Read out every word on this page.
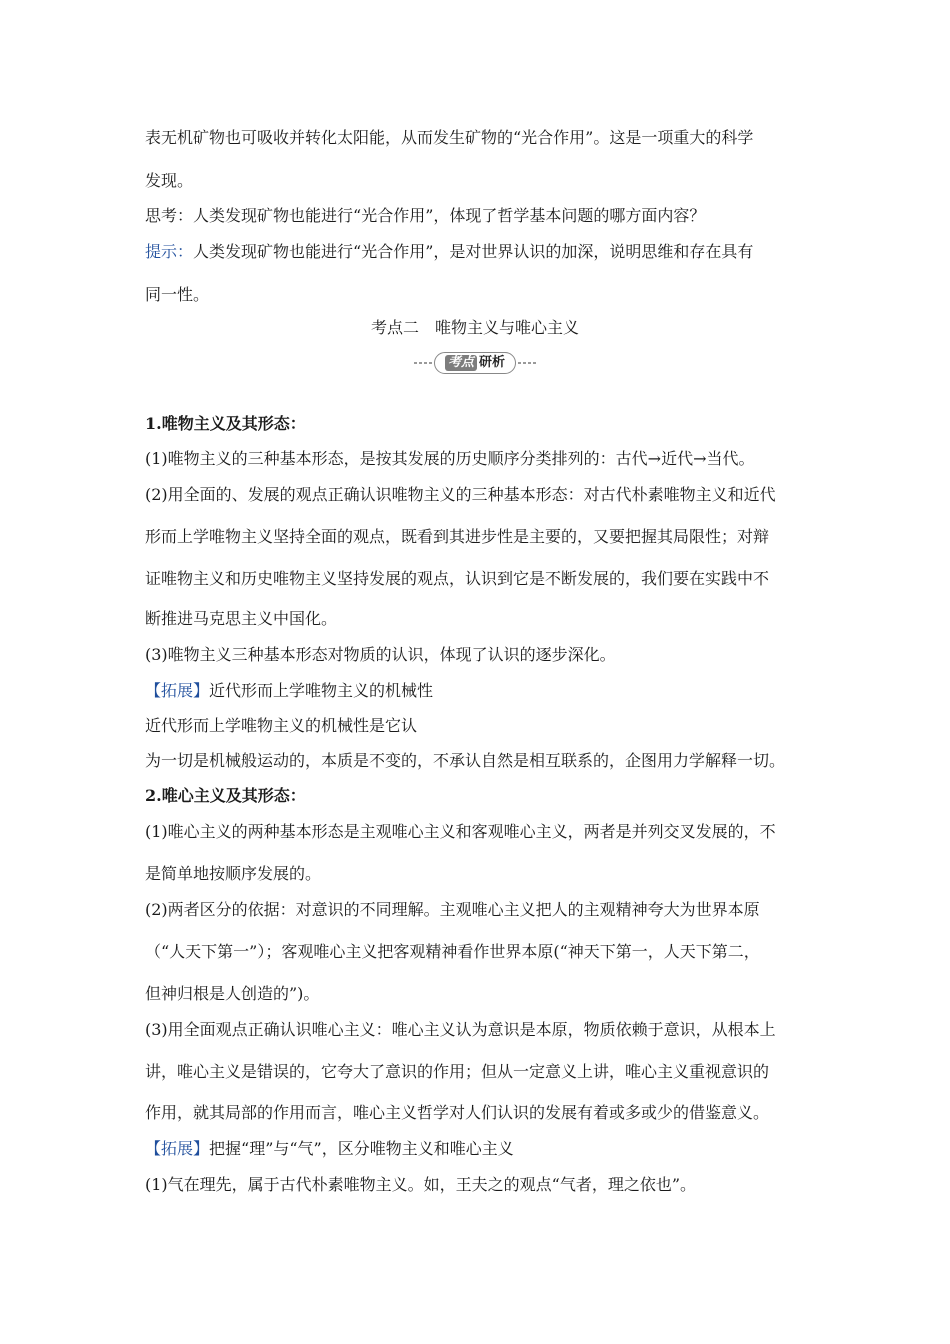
表无机矿物也可吸收并转化太阳能，从而发生矿物的“光合作用”。这是一项重大的科学

发现。

思考：人类发现矿物也能进行“光合作用”，体现了哲学基本问题的哪方面内容？

提示：人类发现矿物也能进行“光合作用”，是对世界认识的加深，说明思维和存在具有

同一性。

考点二　唯物主义与唯心主义

考点 研析

1.唯物主义及其形态：

(1)唯物主义的三种基本形态，是按其发展的历史顺序分类排列的：古代→近代→当代。

(2)用全面的、发展的观点正确认识唯物主义的三种基本形态：对古代朴素唯物主义和近代

形而上学唯物主义坚持全面的观点，既看到其进步性是主要的，又要把握其局限性；对辩

证唯物主义和历史唯物主义坚持发展的观点，认识到它是不断发展的，我们要在实践中不

断推进马克思主义中国化。

(3)唯物主义三种基本形态对物质的认识，体现了认识的逐步深化。

【拓展】近代形而上学唯物主义的机械性

近代形而上学唯物主义的机械性是它认

为一切是机械般运动的，本质是不变的，不承认自然是相互联系的，企图用力学解释一切。

2.唯心主义及其形态：

(1)唯心主义的两种基本形态是主观唯心主义和客观唯心主义，两者是并列交叉发展的，不

是简单地按顺序发展的。

(2)两者区分的依据：对意识的不同理解。主观唯心主义把人的主观精神夸大为世界本原

（“人天下第一”）；客观唯心主义把客观精神看作世界本原(“神天下第一，人天下第二，

但神归根是人创造的”)。

(3)用全面观点正确认识唯心主义：唯心主义认为意识是本原，物质依赖于意识，从根本上

讲，唯心主义是错误的，它夸大了意识的作用；但从一定意义上讲，唯心主义重视意识的

作用，就其局部的作用而言，唯心主义哲学对人们认识的发展有着或多或少的借鉴意义。

【拓展】把握“理”与“气”，区分唯物主义和唯心主义

(1)气在理先，属于古代朴素唯物主义。如，王夫之的观点“气者，理之依也”。
